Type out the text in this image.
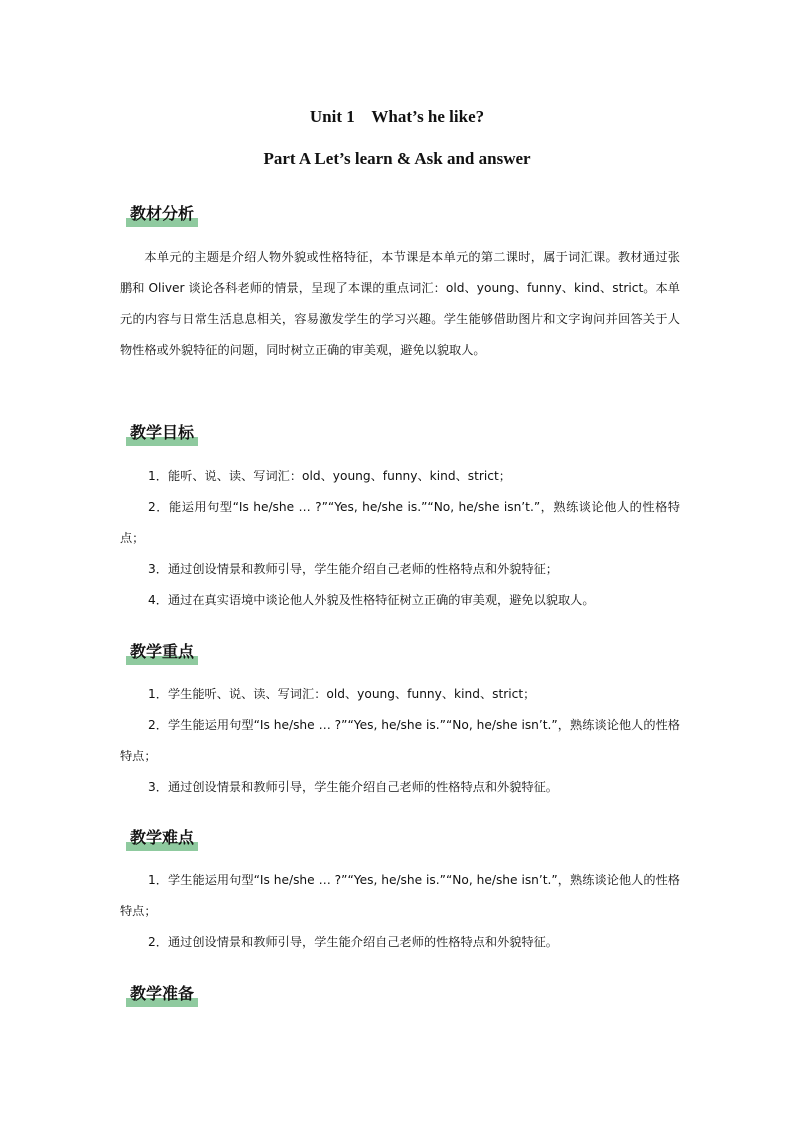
Unit 1    What’s he like?
Part A Let’s learn & Ask and answer
教材分析
本单元的主题是介绍人物外貌或性格特征，本节课是本单元的第二课时，属于词汇课。教材通过张鹏和 Oliver 谈论各科老师的情景，呈现了本课的重点词汇：old、young、funny、kind、strict。本单元的内容与日常生活息息相关，容易激发学生的学习兴趣。学生能够借助图片和文字询问并回答关于人物性格或外貌特征的问题，同时树立正确的审美观，避免以貌取人。
教学目标
1．能听、说、读、写词汇：old、young、funny、kind、strict；
2．能运用句型“Is he/she … ?”“Yes, he/she is.”“No, he/she isn’t.”，熟练谈论他人的性格特点；
3．通过创设情景和教师引导，学生能介绍自己老师的性格特点和外貌特征；
4．通过在真实语境中谈论他人外貌及性格特征树立正确的审美观，避免以貌取人。
教学重点
1．学生能听、说、读、写词汇：old、young、funny、kind、strict；
2．学生能运用句型“Is he/she … ?”“Yes, he/she is.”“No, he/she isn’t.”，熟练谈论他人的性格特点；
3．通过创设情景和教师引导，学生能介绍自己老师的性格特点和外貌特征。
教学难点
1．学生能运用句型“Is he/she … ?”“Yes, he/she is.”“No, he/she isn’t.”，熟练谈论他人的性格特点；
2．通过创设情景和教师引导，学生能介绍自己老师的性格特点和外貌特征。
教学准备
